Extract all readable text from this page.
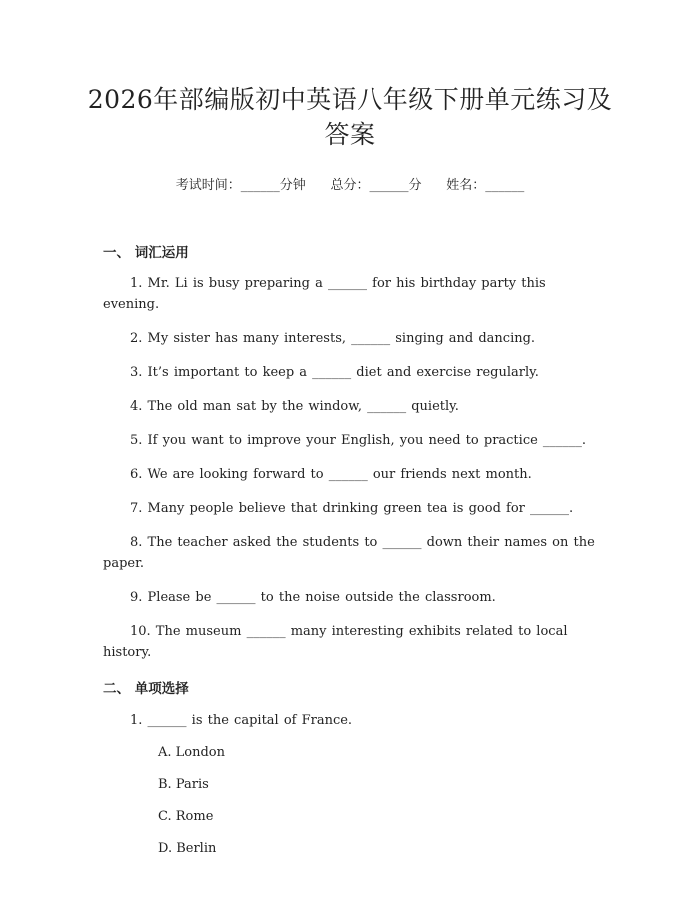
2026年部编版初中英语八年级下册单元练习及答案
考试时间：______分钟      总分：______分      姓名：______
一、 词汇运用

1. Mr. Li is busy preparing a ______ for his birthday party this evening.

2. My sister has many interests, ______ singing and dancing.

3. It’s important to keep a ______ diet and exercise regularly.

4. The old man sat by the window, ______ quietly.

5. If you want to improve your English, you need to practice ______.

6. We are looking forward to ______ our friends next month.

7. Many people believe that drinking green tea is good for ______.

8. The teacher asked the students to ______ down their names on the paper.

9. Please be ______ to the noise outside the classroom.

10. The museum ______ many interesting exhibits related to local history.

二、 单项选择

1. ______ is the capital of France.

A. London
B. Paris
C. Rome
D. Berlin
